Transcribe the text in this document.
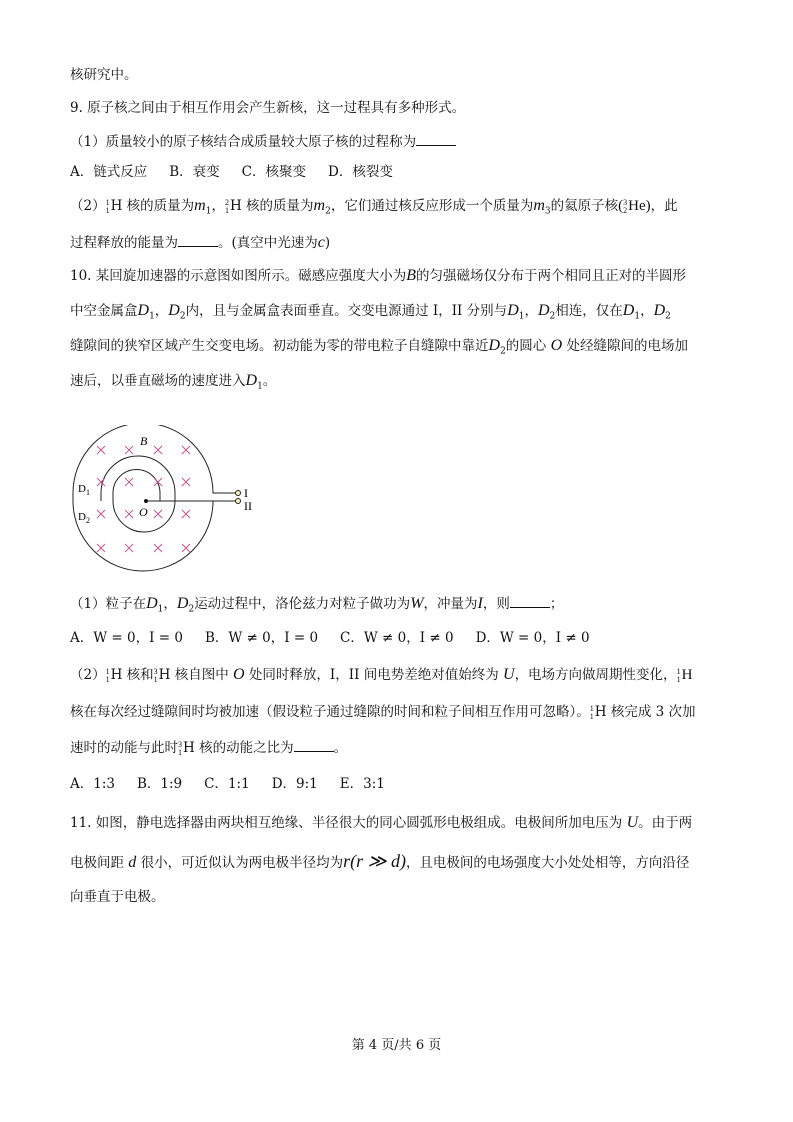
核研究中。
9. 原子核之间由于相互作用会产生新核，这一过程具有多种形式。
（1）质量较小的原子核结合成质量较大原子核的过程称为
A．链式反应 B．衰变 C．核聚变 D．核裂变
（2） 1
1 H 核的质量为$m_1$， 2
1 H 核的质量为$m_2$，它们通过核反应形成一个质量为$m_3$的氦原子核( 3
2 He)，此
过程释放的能量为	。(真空中光速为c)
10. 某回旋加速器的示意图如图所示。磁感应强度大小为B的匀强磁场仅分布于两个相同且正对的半圆形
中空金属盒$D_1$，$D_2$内，且与金属盒表面垂直。交变电源通过 I，II 分别与$D_1$，$D_2$相连，仅在$D_1$，$D_2$
缝隙间的狭窄区域产生交变电场。初动能为零的带电粒子自缝隙中靠近$D_2$的圆心 O 处经缝隙间的电场加
速后，以垂直磁场的速度进入$D_1$。
B
$D_1$
$D_2$
O
I
II
（1）粒子在$D_1$，$D_2$运动过程中，洛伦兹力对粒子做功为W，冲量为I，则	；
A．W = 0，I = 0 B．W ≠ 0，I = 0 C．W ≠ 0，I ≠ 0 D．W = 0，I ≠ 0
（2） 1
1 H 核和 3
1 H 核自图中 O 处同时释放，I，II 间电势差绝对值始终为 U，电场方向做周期性变化， 1
1 H
核在每次经过缝隙间时均被加速（假设粒子通过缝隙的时间和粒子间相互作用可忽略）。 1
1 H 核完成 3 次加
速时的动能与此时 3
1 H 核的动能之比为	。
A．1:3 B．1:9 C．1:1 D．9:1 E．3:1
11. 如图，静电选择器由两块相互绝缘、半径很大的同心圆弧形电极组成。电极间所加电压为 U。由于两
电极间距 d 很小，可近似认为两电极半径均为r(r ≫ d)，且电极间的电场强度大小处处相等，方向沿径
向垂直于电极。
第 4 页/共 6 页
